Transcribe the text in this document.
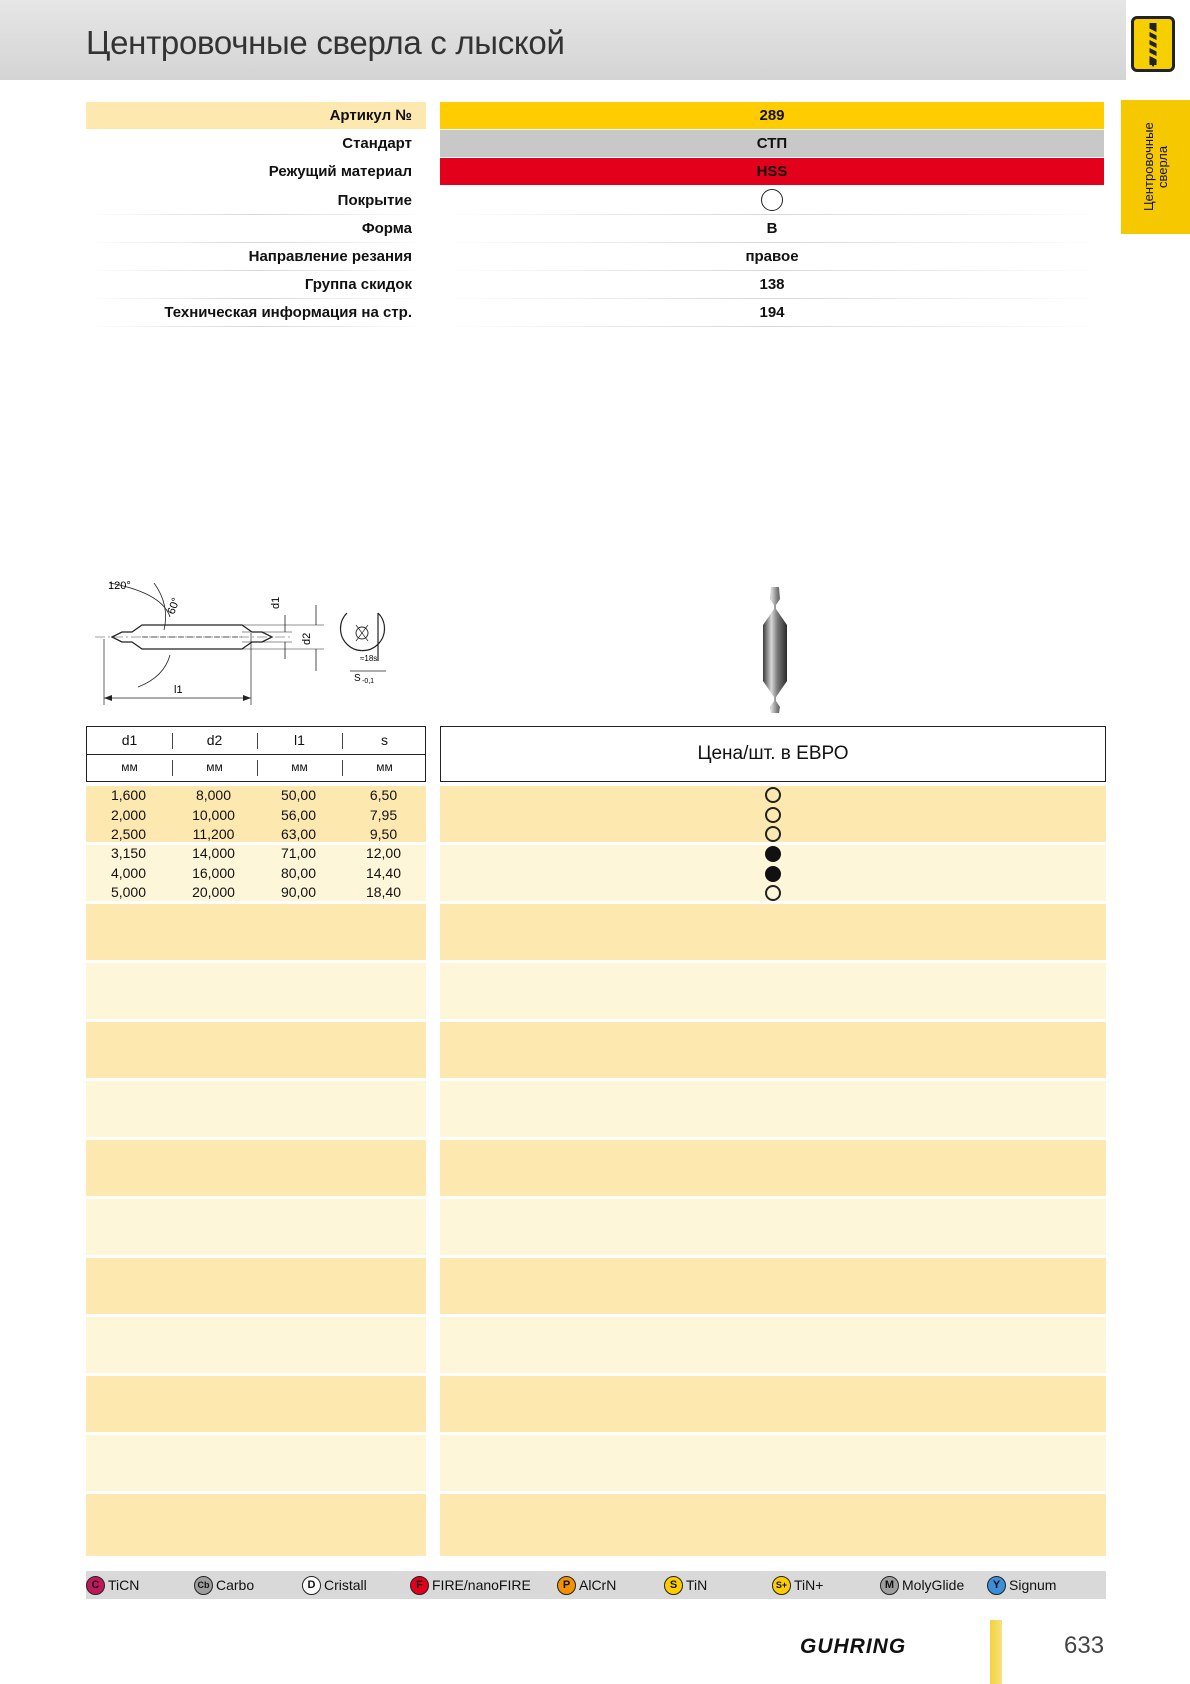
Центровочные сверла с лыской
Центровочные сверла
Артикул №	289
Стандарт	СТП
Режущий материал	HSS
Покрытие
Форма	B
Направление резания	правое
Группа скидок	138
Техническая информация на стр.	194
120°
60°
l1
d1
d2
≈18s
S -0,1
d1	d2	l1	s
мм	мм	мм	мм
Цена/шт. в ЕВРО
1,600	8,000	50,00	6,50
2,000	10,000	56,00	7,95
2,500	11,200	63,00	9,50
3,150	14,000	71,00	12,00
4,000	16,000	80,00	14,40
5,000	20,000	90,00	18,40
C TiCN	Cb Carbo	D Cristall	F FIRE/nanoFIRE	P AlCrN	S TiN	S+ TiN+	M MolyGlide	Y Signum
GUHRING	633
